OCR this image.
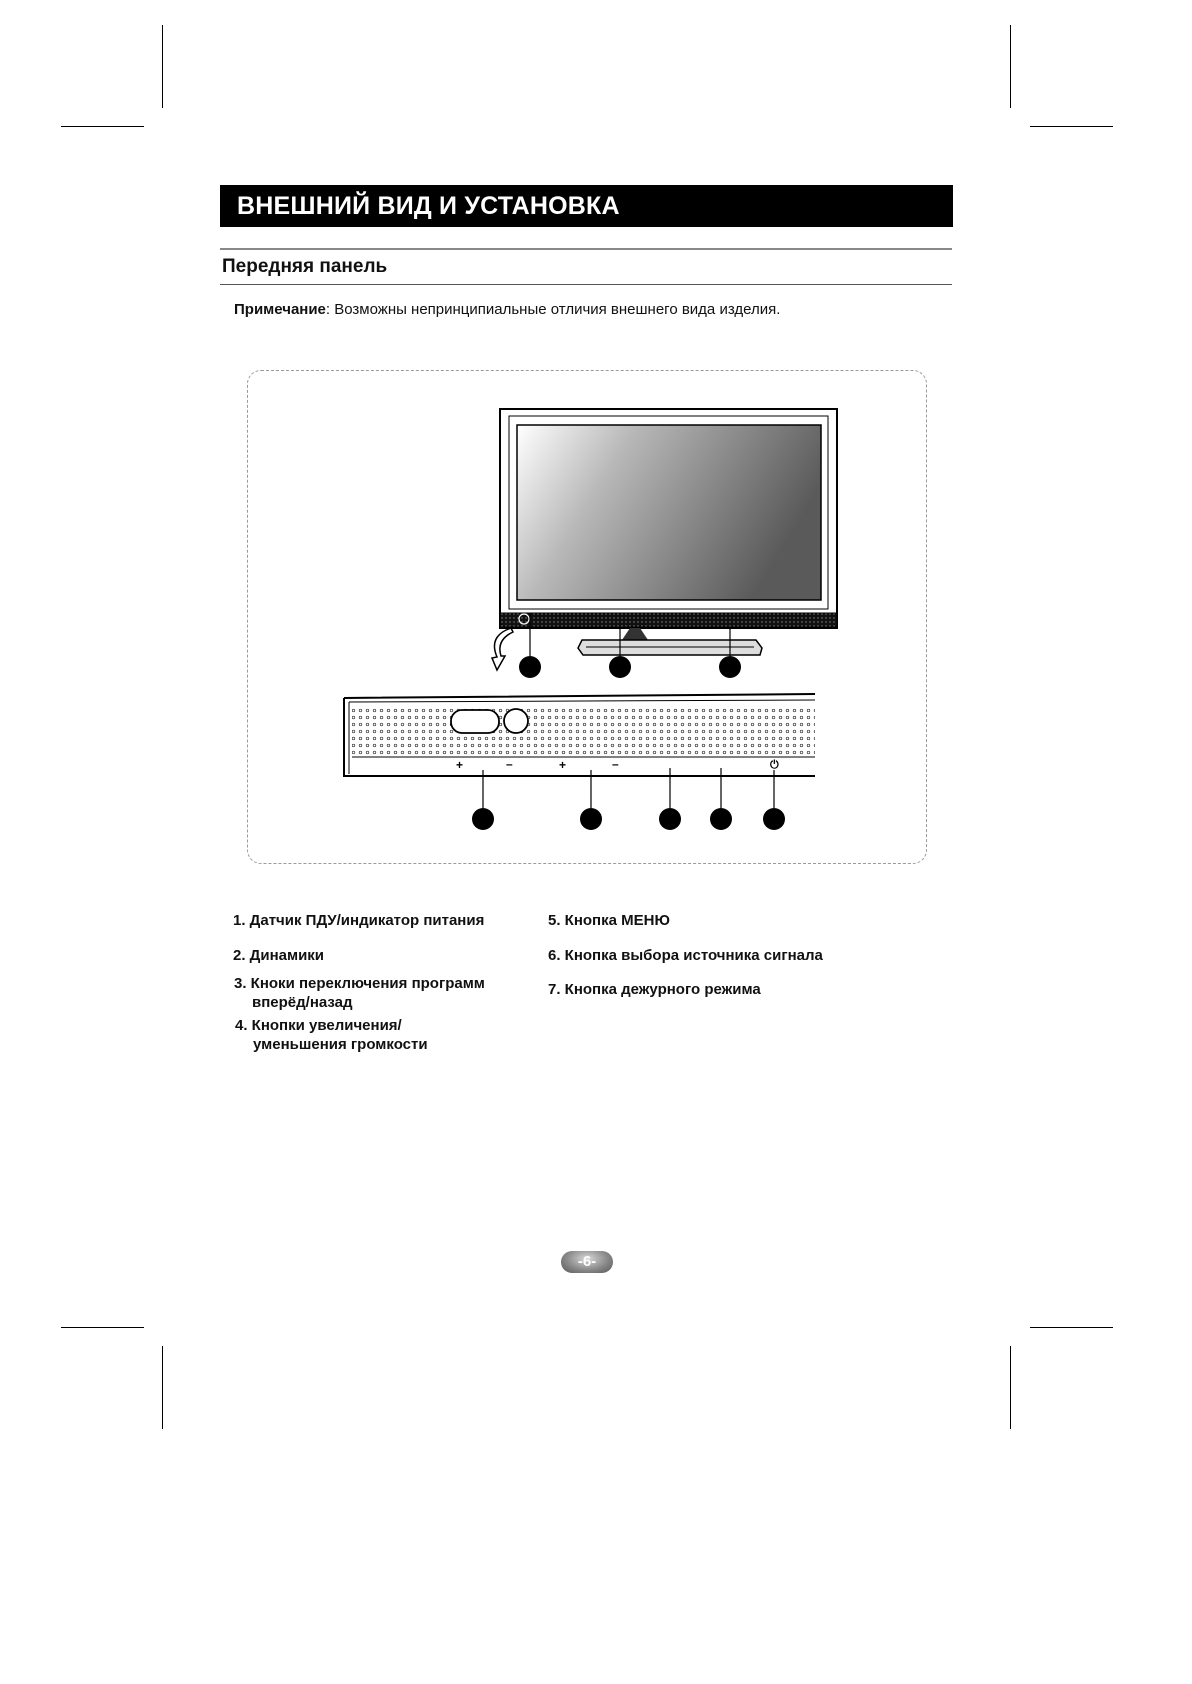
ВНЕШНИЙ ВИД И УСТАНОВКА
Передняя панель
Примечание: Возможны непринципиальные отличия внешнего вида изделия.
+	–	+	–	⏻
1. Датчик ПДУ/индикатор питания
2. Динамики
3. Кноки переключения программ
вперёд/назад
4. Кнопки увеличения/
уменьшения громкости
5. Кнопка МЕНЮ
6. Кнопка выбора источника сигнала
7. Кнопка дежурного режима
-6-
